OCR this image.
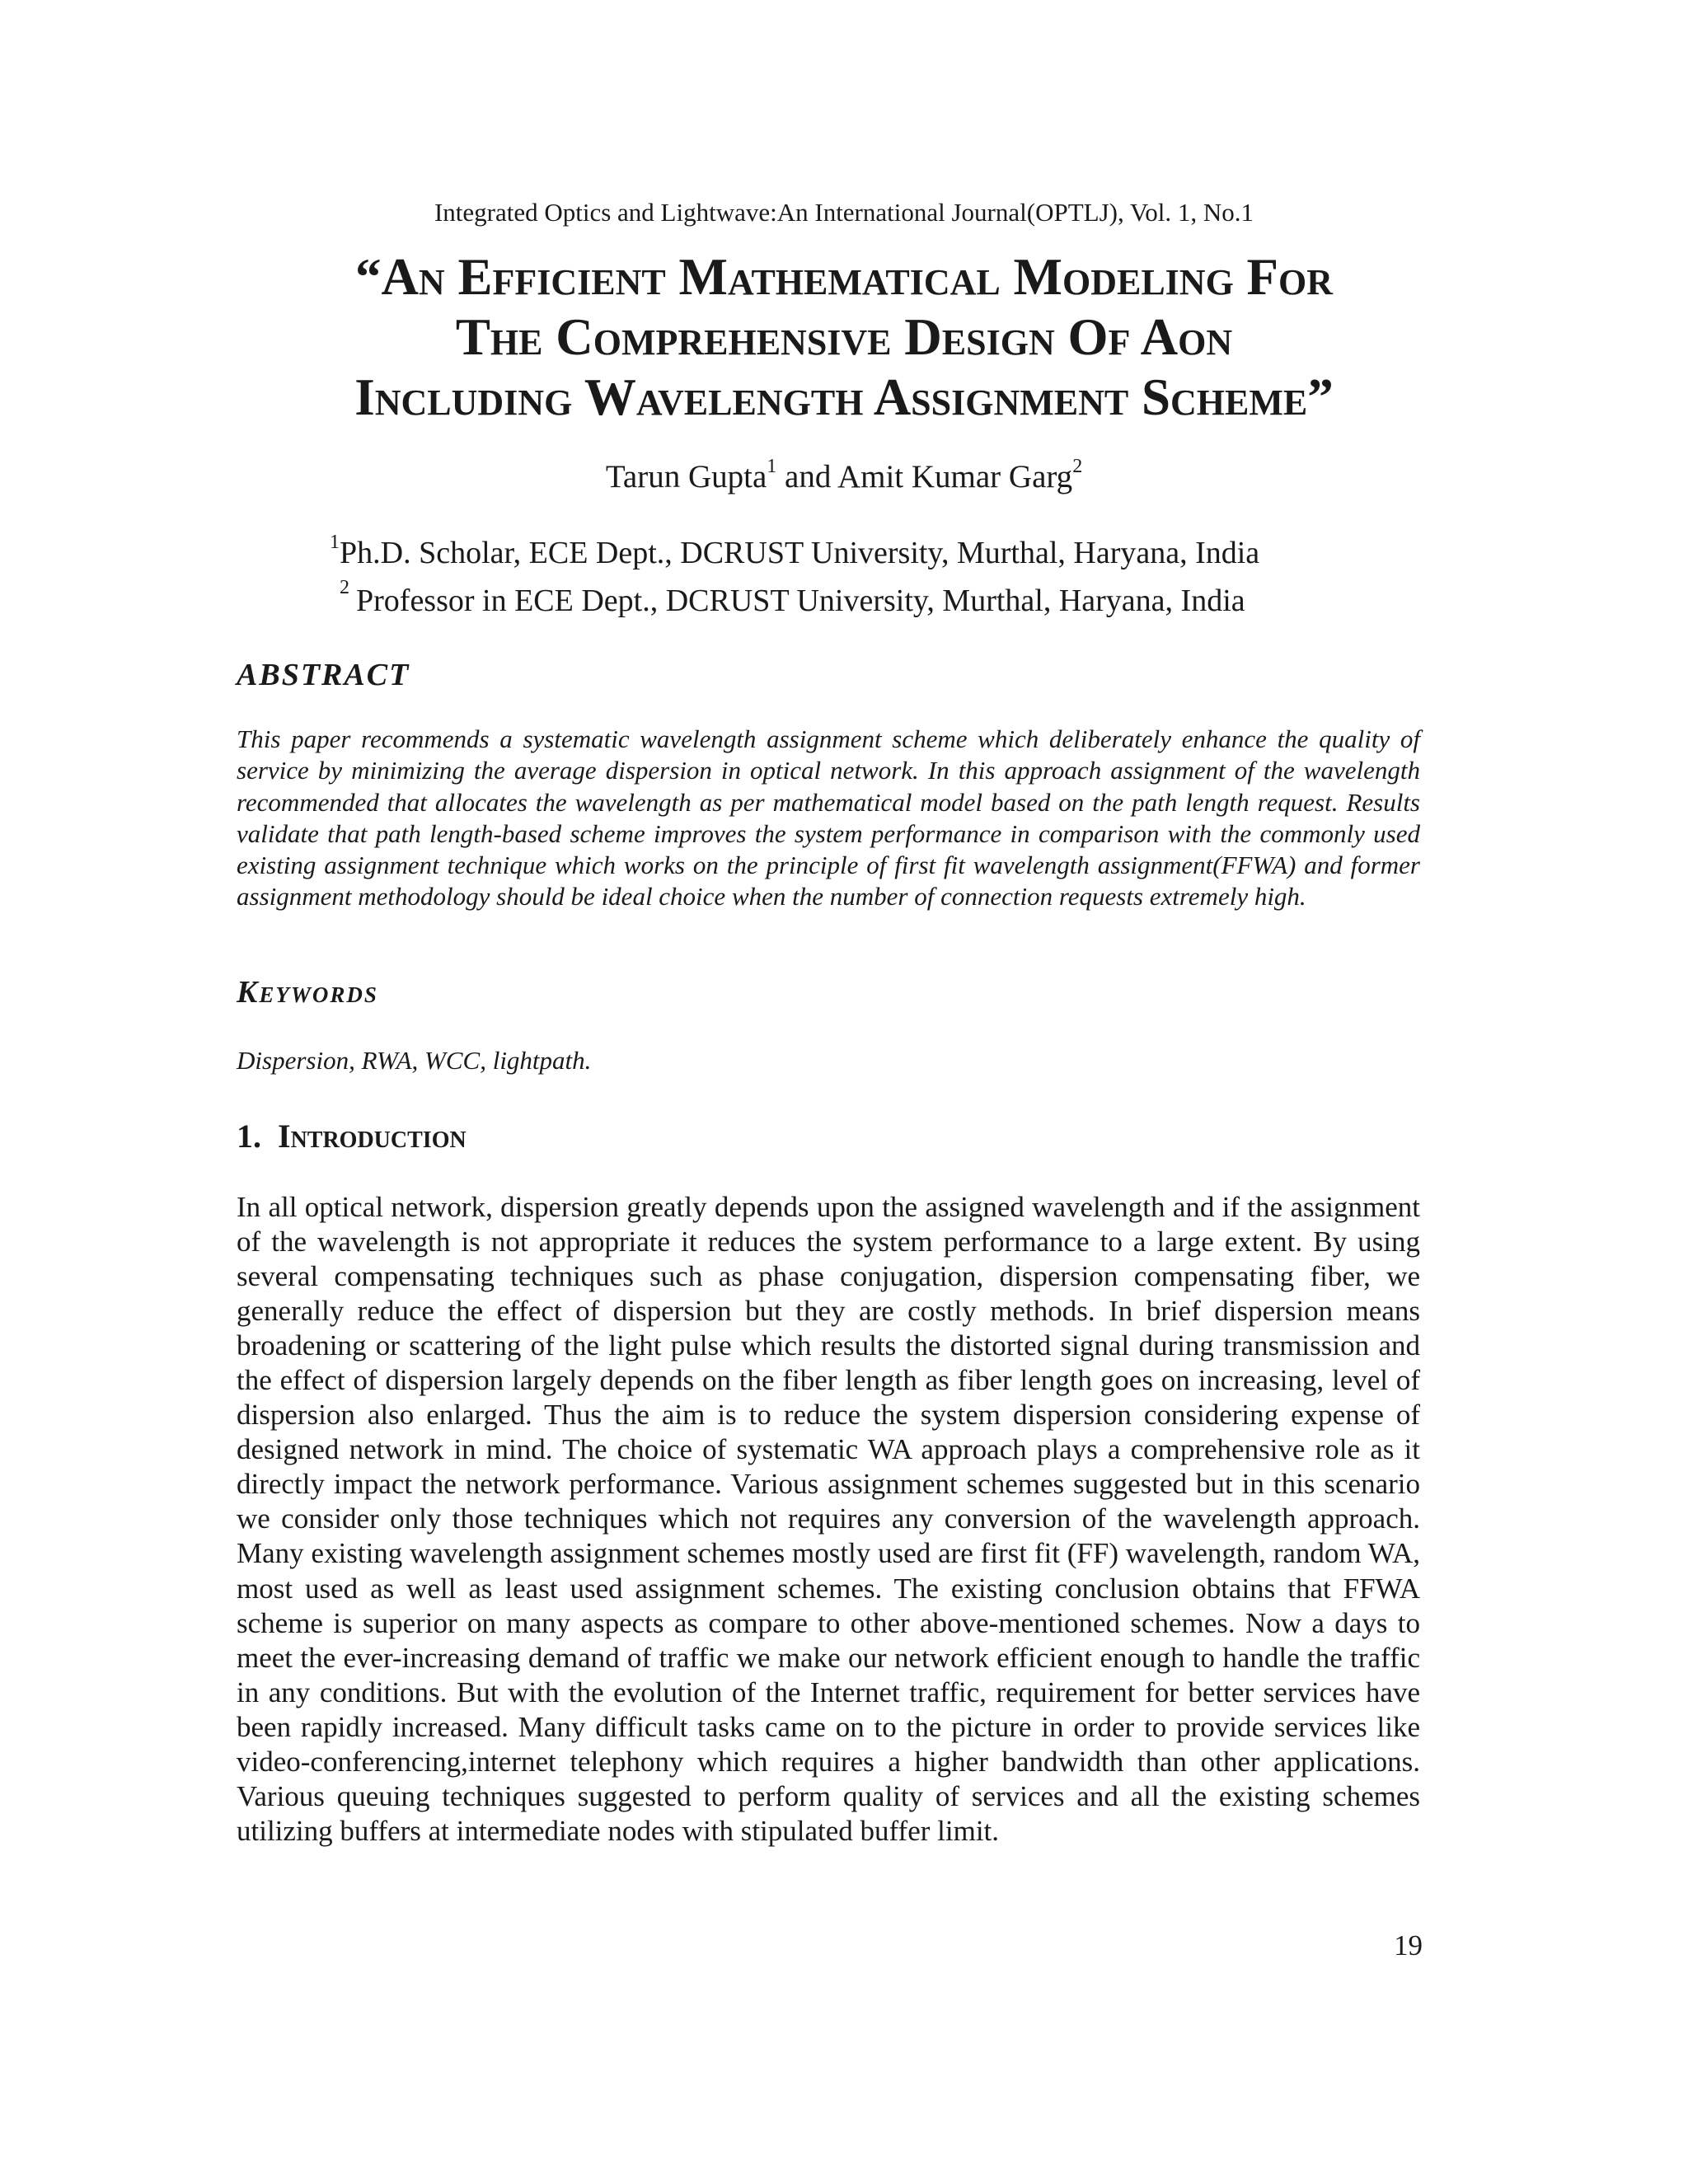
Integrated Optics and Lightwave:An International Journal(OPTLJ), Vol. 1, No.1
“An Efficient Mathematical Modeling For
The Comprehensive Design Of Aon
Including Wavelength Assignment Scheme”
Tarun Gupta$^1$ and Amit Kumar Garg$^2$
$^1$Ph.D. Scholar, ECE Dept., DCRUST University, Murthal, Haryana, India
2 Professor in ECE Dept., DCRUST University, Murthal, Haryana, India
ABSTRACT
This paper recommends a systematic wavelength assignment scheme which deliberately enhance the quality of service by minimizing the average dispersion in optical network. In this approach assignment of the wavelength recommended that allocates the wavelength as per mathematical model based on the path length request. Results validate that path length-based scheme improves the system performance in comparison with the commonly used existing assignment technique which works on the principle of first fit wavelength assignment(FFWA) and former assignment methodology should be ideal choice when the number of connection requests extremely high.
Keywords
Dispersion, RWA, WCC, lightpath.
1. Introduction
In all optical network, dispersion greatly depends upon the assigned wavelength and if the assignment of the wavelength is not appropriate it reduces the system performance to a large extent. By using several compensating techniques such as phase conjugation, dispersion compensating fiber, we generally reduce the effect of dispersion but they are costly methods. In brief dispersion means broadening or scattering of the light pulse which results the distorted signal during transmission and the effect of dispersion largely depends on the fiber length as fiber length goes on increasing, level of dispersion also enlarged. Thus the aim is to reduce the system dispersion considering expense of designed network in mind. The choice of systematic WA approach plays a comprehensive role as it directly impact the network performance. Various assignment schemes suggested but in this scenario we consider only those techniques which not requires any conversion of the wavelength approach. Many existing wavelength assignment schemes mostly used are first fit (FF) wavelength, random WA, most used as well as least used assignment schemes. The existing conclusion obtains that FFWA scheme is superior on many aspects as compare to other above-mentioned schemes. Now a days to meet the ever-increasing demand of traffic we make our network efficient enough to handle the traffic in any conditions. But with the evolution of the Internet traffic, requirement for better services have been rapidly increased. Many difficult tasks came on to the picture in order to provide services like video-conferencing,internet telephony which requires a higher bandwidth than other applications. Various queuing techniques suggested to perform quality of services and all the existing schemes utilizing buffers at intermediate nodes with stipulated buffer limit.
19
